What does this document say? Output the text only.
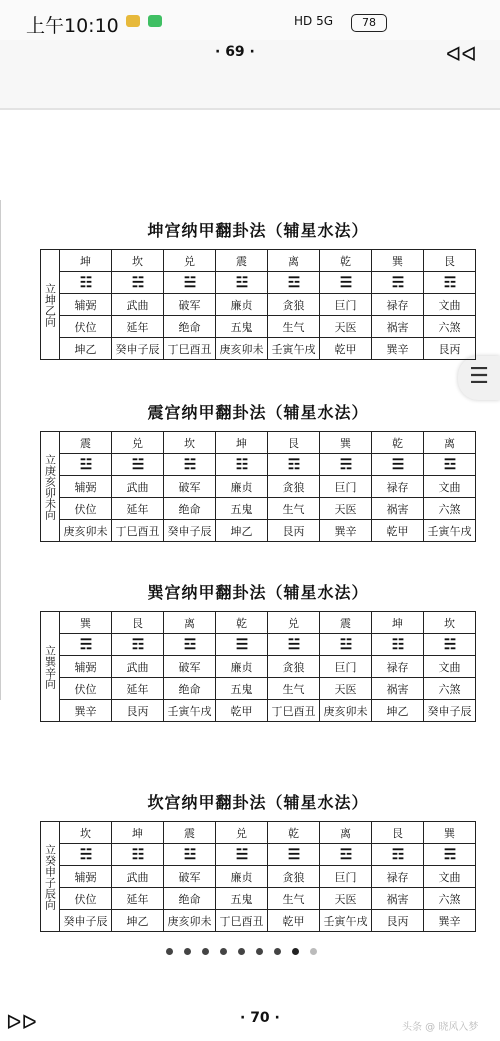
上午10:10	HD 5G	78
· 69 ·	ᐊᐊ
☰
坤宫纳甲翻卦法（辅星水法）
立坤乙向	坤	坎	兑	震	离	乾	巽	艮
	☷	☵	☱	☳	☲	☰	☴	☶
	辅弼	武曲	破军	廉贞	贪狼	巨门	禄存	文曲
	伏位	延年	绝命	五鬼	生气	天医	祸害	六煞
	坤乙	癸申子辰	丁巳酉丑	庚亥卯未	壬寅午戌	乾甲	巽辛	艮丙
震宫纳甲翻卦法（辅星水法）
立庚亥卯未向	震	兑	坎	坤	艮	巽	乾	离
	☳	☱	☵	☷	☶	☴	☰	☲
	辅弼	武曲	破军	廉贞	贪狼	巨门	禄存	文曲
	伏位	延年	绝命	五鬼	生气	天医	祸害	六煞
	庚亥卯未	丁巳酉丑	癸申子辰	坤乙	艮丙	巽辛	乾甲	壬寅午戌
巽宫纳甲翻卦法（辅星水法）
立巽辛向	巽	艮	离	乾	兑	震	坤	坎
	☴	☶	☲	☰	☱	☳	☷	☵
	辅弼	武曲	破军	廉贞	贪狼	巨门	禄存	文曲
	伏位	延年	绝命	五鬼	生气	天医	祸害	六煞
	巽辛	艮丙	壬寅午戌	乾甲	丁巳酉丑	庚亥卯未	坤乙	癸申子辰
坎宫纳甲翻卦法（辅星水法）
立癸申子辰向	坎	坤	震	兑	乾	离	艮	巽
	☵	☷	☳	☱	☰	☲	☶	☴
	辅弼	武曲	破军	廉贞	贪狼	巨门	禄存	文曲
	伏位	延年	绝命	五鬼	生气	天医	祸害	六煞
	癸申子辰	坤乙	庚亥卯未	丁巳酉丑	乾甲	壬寅午戌	艮丙	巽辛
ᐅᐅ	· 70 ·
头条 @ 晓风入梦
